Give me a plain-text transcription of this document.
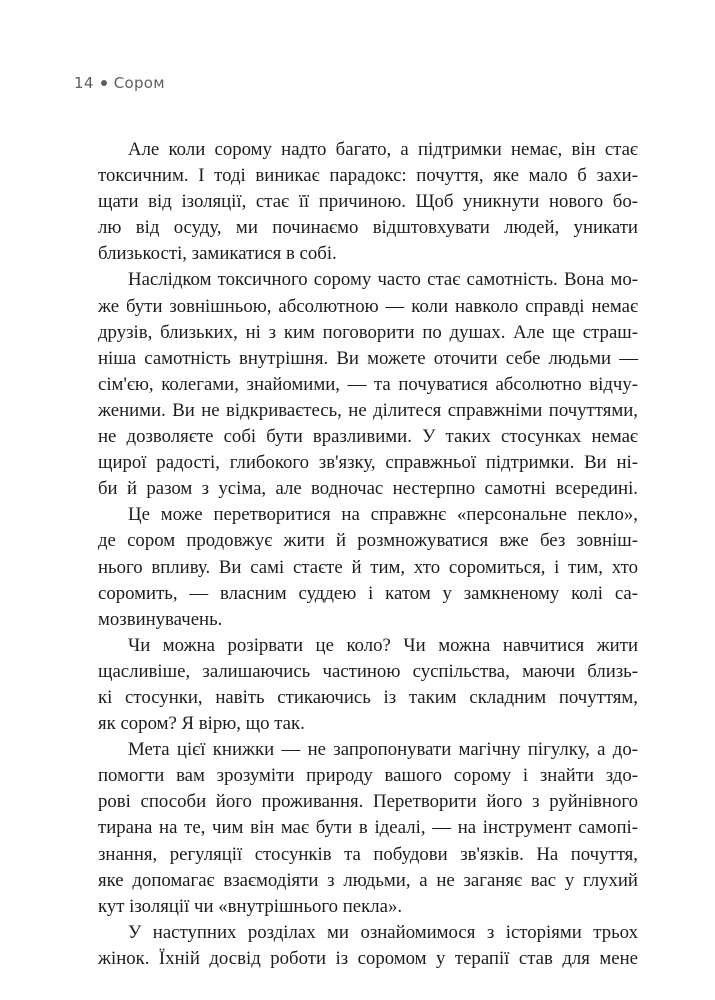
14 Сором
Але коли сорому надто багато, а підтримки немає, він стає
токсичним. І тоді виникає парадокс: почуття, яке мало б захи-
щати від ізоляції, стає її причиною. Щоб уникнути нового бо-
лю від осуду, ми починаємо відштовхувати людей, уникати
близькості, замикатися в собі.
Наслідком токсичного сорому часто стає самотність. Вона мо-
же бути зовнішньою, абсолютною — коли навколо справді немає
друзів, близьких, ні з ким поговорити по душах. Але ще страш-
ніша самотність внутрішня. Ви можете оточити себе людьми —
сім'єю, колегами, знайомими, — та почуватися абсолютно відчу-
женими. Ви не відкриваєтесь, не ділитеся справжніми почуттями,
не дозволяєте собі бути вразливими. У таких стосунках немає
щирої радості, глибокого зв'язку, справжньої підтримки. Ви ні-
би й разом з усіма, але водночас нестерпно самотні всередині.
Це може перетворитися на справжнє «персональне пекло»,
де сором продовжує жити й розмножуватися вже без зовніш-
нього впливу. Ви самі стаєте й тим, хто соромиться, і тим, хто
соромить, — власним суддею і катом у замкненому колі са-
мозвинувачень.
Чи можна розірвати це коло? Чи можна навчитися жити
щасливіше, залишаючись частиною суспільства, маючи близь-
кі стосунки, навіть стикаючись із таким складним почуттям,
як сором? Я вірю, що так.
Мета цієї книжки — не запропонувати магічну пігулку, а до-
помогти вам зрозуміти природу вашого сорому і знайти здо-
рові способи його проживання. Перетворити його з руйнівного
тирана на те, чим він має бути в ідеалі, — на інструмент самопі-
знання, регуляції стосунків та побудови зв'язків. На почуття,
яке допомагає взаємодіяти з людьми, а не заганяє вас у глухий
кут ізоляції чи «внутрішнього пекла».
У наступних розділах ми ознайомимося з історіями трьох
жінок. Їхній досвід роботи із соромом у терапії став для мене
